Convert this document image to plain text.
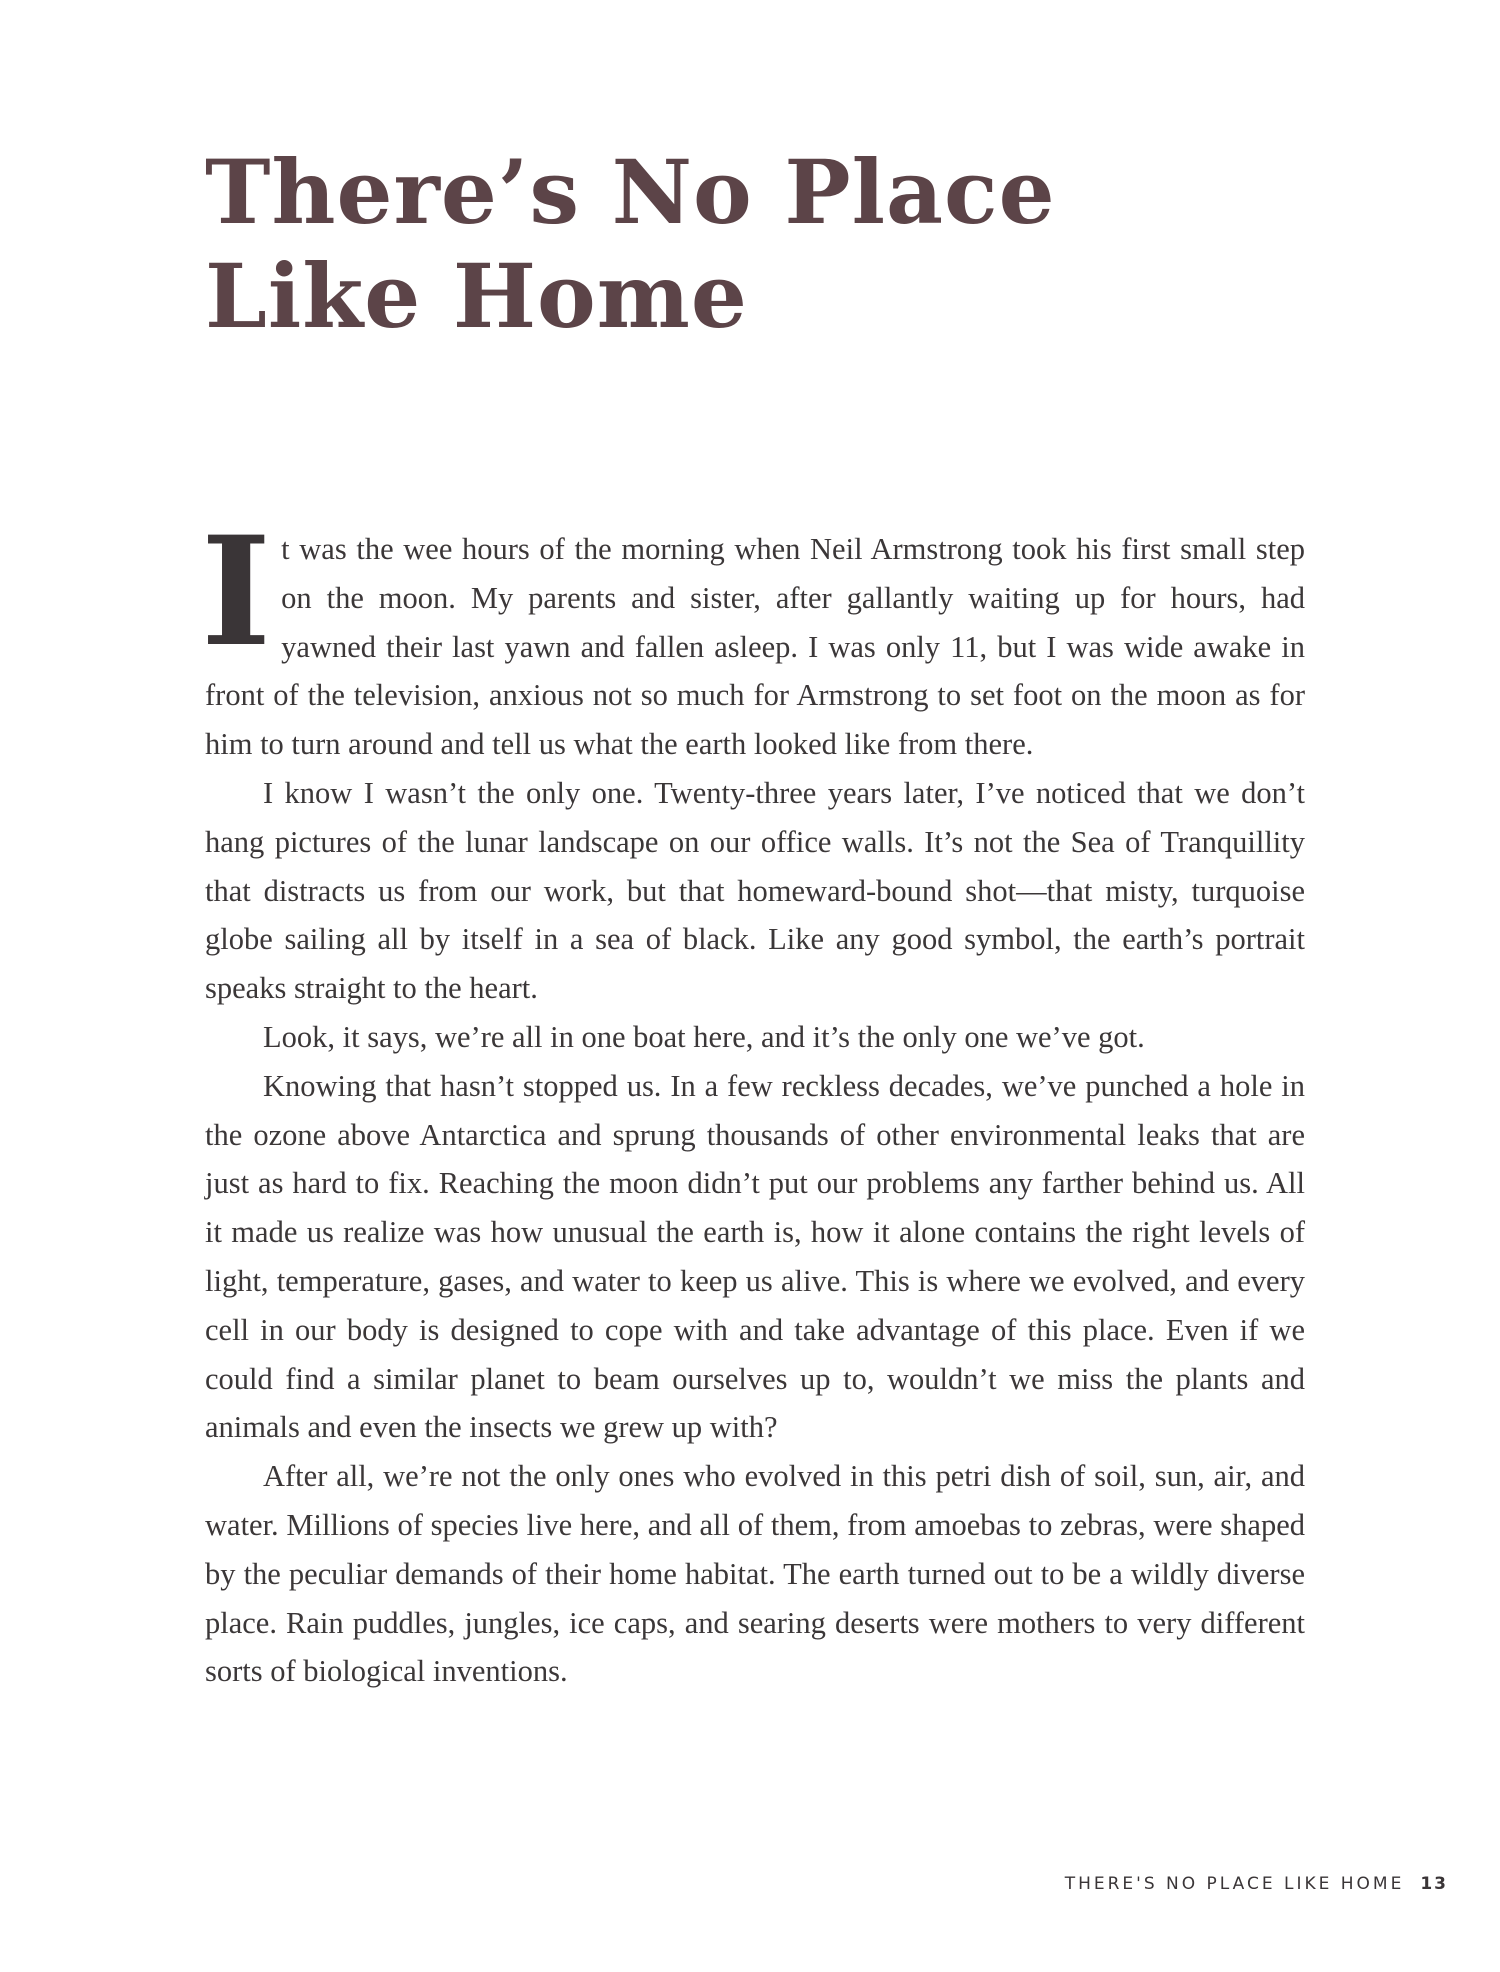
There’s No Place
Like Home

It was the wee hours of the morning when Neil Armstrong took his first small step on the moon. My parents and sister, after gallantly waiting up for hours, had yawned their last yawn and fallen asleep. I was only 11, but I was wide awake in front of the television, anxious not so much for Armstrong to set foot on the moon as for him to turn around and tell us what the earth looked like from there.

I know I wasn’t the only one. Twenty-three years later, I’ve noticed that we don’t hang pictures of the lunar landscape on our office walls. It’s not the Sea of Tranquillity that distracts us from our work, but that homeward-bound shot—that misty, turquoise globe sailing all by itself in a sea of black. Like any good symbol, the earth’s portrait speaks straight to the heart.

Look, it says, we’re all in one boat here, and it’s the only one we’ve got.

Knowing that hasn’t stopped us. In a few reckless decades, we’ve punched a hole in the ozone above Antarctica and sprung thousands of other environmental leaks that are just as hard to fix. Reaching the moon didn’t put our problems any farther behind us. All it made us realize was how unusual the earth is, how it alone contains the right levels of light, temperature, gases, and water to keep us alive. This is where we evolved, and every cell in our body is designed to cope with and take advantage of this place. Even if we could find a similar planet to beam ourselves up to, wouldn’t we miss the plants and animals and even the insects we grew up with?

After all, we’re not the only ones who evolved in this petri dish of soil, sun, air, and water. Millions of species live here, and all of them, from amoebas to zebras, were shaped by the peculiar demands of their home habitat. The earth turned out to be a wildly diverse place. Rain puddles, jungles, ice caps, and searing deserts were mothers to very different sorts of biological inventions.

THERE'S NO PLACE LIKE HOME 13
